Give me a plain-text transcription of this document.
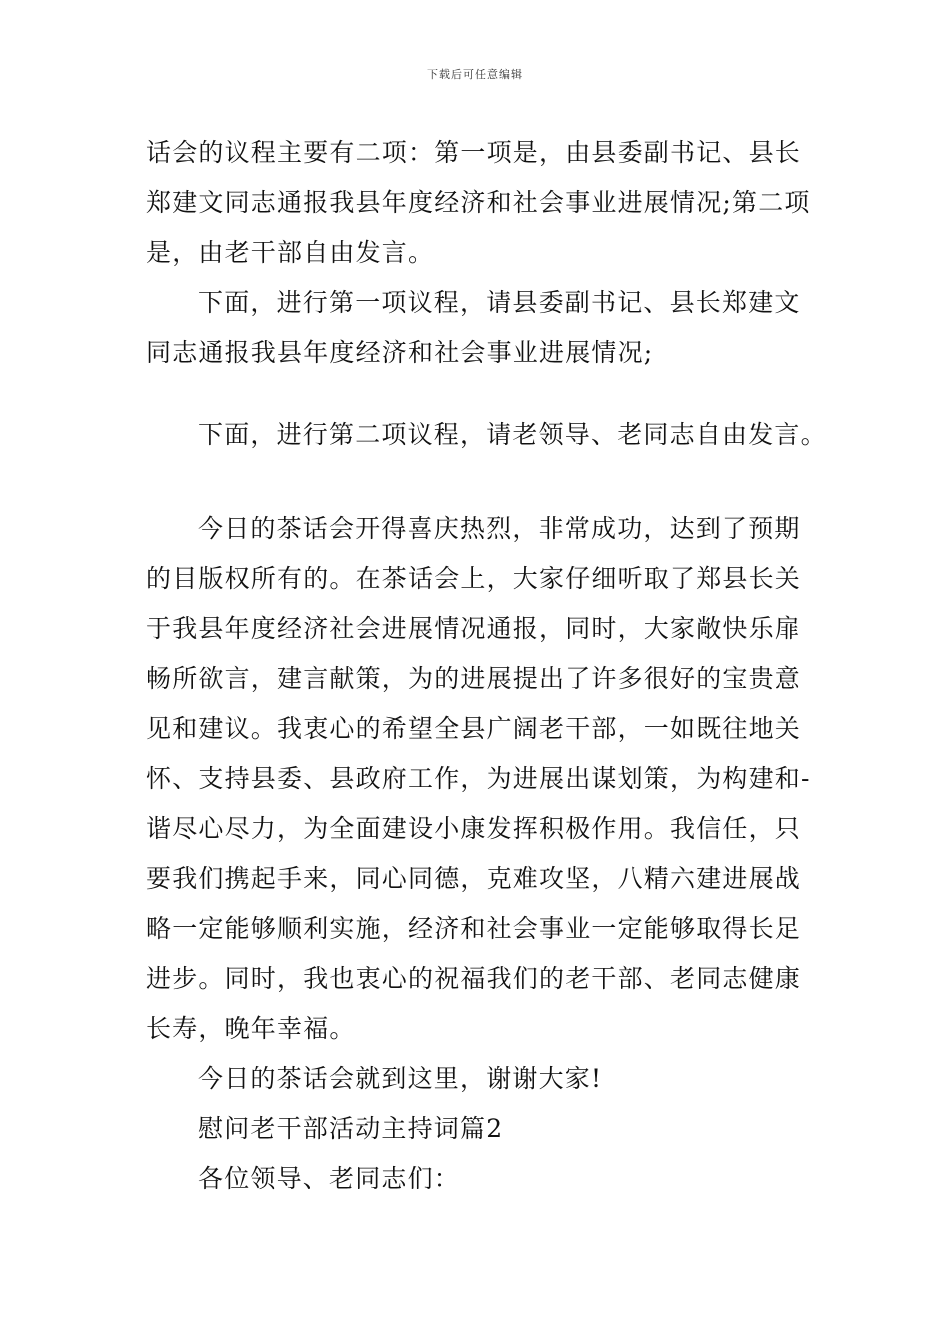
下载后可任意编辑
话会的议程主要有二项：第一项是，由县委副书记、县长
郑建文同志通报我县年度经济和社会事业进展情况;第二项
是，由老干部自由发言。
下面，进行第一项议程，请县委副书记、县长郑建文
同志通报我县年度经济和社会事业进展情况;
下面，进行第二项议程，请老领导、老同志自由发言。
今日的茶话会开得喜庆热烈，非常成功，达到了预期
的目版权所有的。在茶话会上，大家仔细听取了郑县长关
于我县年度经济社会进展情况通报，同时，大家敞快乐扉
畅所欲言，建言献策，为的进展提出了许多很好的宝贵意
见和建议。我衷心的希望全县广阔老干部，一如既往地关
怀、支持县委、县政府工作，为进展出谋划策，为构建和-
谐尽心尽力，为全面建设小康发挥积极作用。我信任，只
要我们携起手来，同心同德，克难攻坚，八精六建进展战
略一定能够顺利实施，经济和社会事业一定能够取得长足
进步。同时，我也衷心的祝福我们的老干部、老同志健康
长寿，晚年幸福。
今日的茶话会就到这里，谢谢大家!
慰问老干部活动主持词篇2
各位领导、老同志们：
